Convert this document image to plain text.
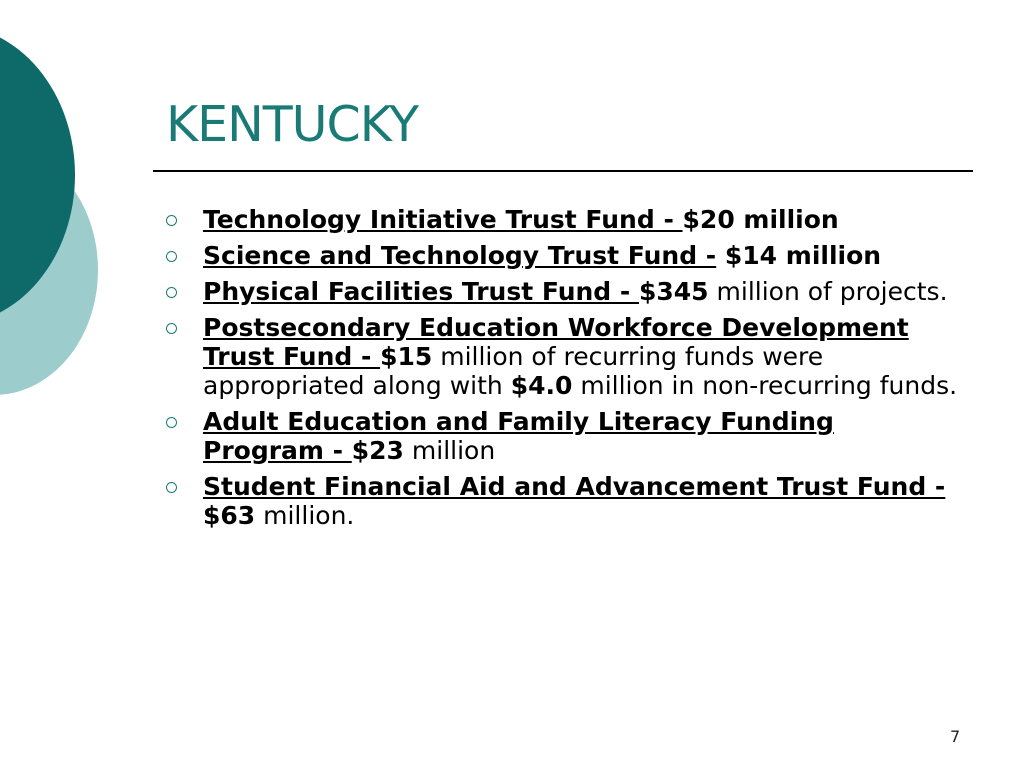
KENTUCKY
Technology Initiative Trust Fund - $20 million
Science and Technology Trust Fund - $14 million
Physical Facilities Trust Fund - $345 million of projects.
Postsecondary Education Workforce Development Trust Fund - $15 million of recurring funds were appropriated along with $4.0 million in non-recurring funds.
Adult Education and Family Literacy Funding Program - $23 million
Student Financial Aid and Advancement Trust Fund - $63 million.
7
